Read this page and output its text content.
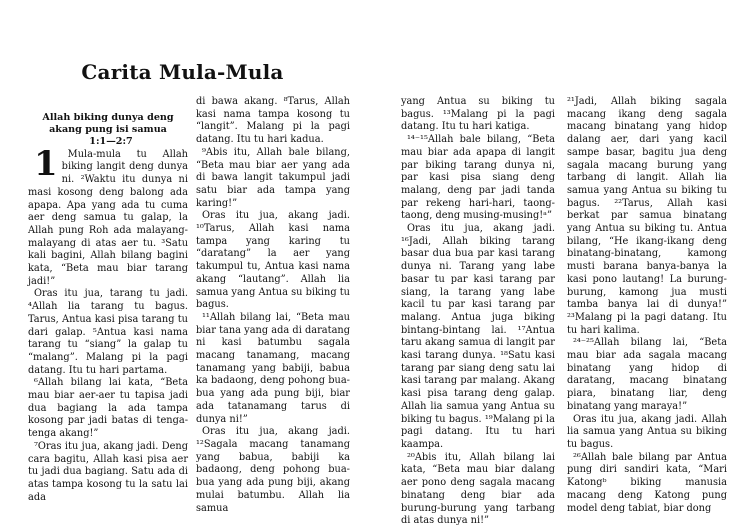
Carita Mula-Mula

Allah biking dunya deng akang pung isi samua

1:1—2:7

1 Mula-mula tu Allah biking langit deng dunya ni. ²Waktu itu dunya ni masi kosong deng balong ada apapa. Apa yang ada tu cuma aer deng samua tu galap, la Allah pung Roh ada malayang-malayang di atas aer tu. ³Satu kali bagini, Allah bilang bagini kata, “Beta mau biar tarang jadi!”

Oras itu jua, tarang tu jadi. ⁴Allah lia tarang tu bagus. Tarus, Antua kasi pisa tarang tu dari galap. ⁵Antua kasi nama tarang tu “siang” la galap tu “malang”. Malang pi la pagi datang. Itu tu hari partama.

⁶Allah bilang lai kata, “Beta mau biar aer-aer tu tapisa jadi dua bagiang la ada tampa kosong par jadi batas di tenga-tenga akang!”

⁷Oras itu jua, akang jadi. Deng cara bagitu, Allah kasi pisa aer tu jadi dua bagiang. Satu ada di atas tampa kosong tu la satu lai ada

di bawa akang. ⁸Tarus, Allah kasi nama tampa kosong tu “langit”. Malang pi la pagi datang. Itu tu hari kadua.

⁹Abis itu, Allah bale bilang, “Beta mau biar aer yang ada di bawa langit takumpul jadi satu biar ada tampa yang karing!”

Oras itu jua, akang jadi. ¹⁰Tarus, Allah kasi nama tampa yang karing tu “daratang” la aer yang takumpul tu, Antua kasi nama akang “lautang”. Allah lia samua yang Antua su biking tu bagus.

¹¹Allah bilang lai, “Beta mau biar tana yang ada di daratang ni kasi batumbu sagala macang tanamang, macang tanamang yang babiji, babua ka badaong, deng pohong bua-bua yang ada pung biji, biar ada tatanamang tarus di dunya ni!”

Oras itu jua, akang jadi. ¹²Sagala macang tanamang yang babua, babiji ka badaong, deng pohong bua-bua yang ada pung biji, akang mulai batumbu. Allah lia samua

yang Antua su biking tu bagus. ¹³Malang pi la pagi datang. Itu tu hari katiga.

¹⁴⁻¹⁵Allah bale bilang, “Beta mau biar ada apapa di langit par biking tarang dunya ni, par kasi pisa siang deng malang, deng par jadi tanda par rekeng hari-hari, taong-taong, deng musing-musing!ᵃ”

Oras itu jua, akang jadi. ¹⁶Jadi, Allah biking tarang basar dua bua par kasi tarang dunya ni. Tarang yang labe basar tu par kasi tarang par siang, la tarang yang labe kacil tu par kasi tarang par malang. Antua juga biking bintang-bintang lai. ¹⁷Antua taru akang samua di langit par kasi tarang dunya. ¹⁸Satu kasi tarang par siang deng satu lai kasi tarang par malang. Akang kasi pisa tarang deng galap. Allah lia samua yang Antua su biking tu bagus. ¹⁹Malang pi la pagi datang. Itu tu hari kaampa.

²⁰Abis itu, Allah bilang lai kata, “Beta mau biar dalang aer pono deng sagala macang binatang deng biar ada burung-burung yang tarbang di atas dunya ni!”

²¹Jadi, Allah biking sagala macang ikang deng sagala macang binatang yang hidop dalang aer, dari yang kacil sampe basar, bagitu jua deng sagala macang burung yang tarbang di langit. Allah lia samua yang Antua su biking tu bagus. ²²Tarus, Allah kasi berkat par samua binatang yang Antua su biking tu. Antua bilang, “He ikang-ikang deng binatang-binatang, kamong musti barana banya-banya la kasi pono lautang! La burung-burung, kamong jua musti tamba banya lai di dunya!” ²³Malang pi la pagi datang. Itu tu hari kalima.

²⁴⁻²⁵Allah bilang lai, “Beta mau biar ada sagala macang binatang yang hidop di daratang, macang binatang piara, binatang liar, deng binatang yang maraya!”

Oras itu jua, akang jadi. Allah lia samua yang Antua su biking tu bagus.

²⁶Allah bale bilang par Antua pung diri sandiri kata, “Mari Katongᵇ biking manusia macang deng Katong pung model deng tabiat, biar dong
